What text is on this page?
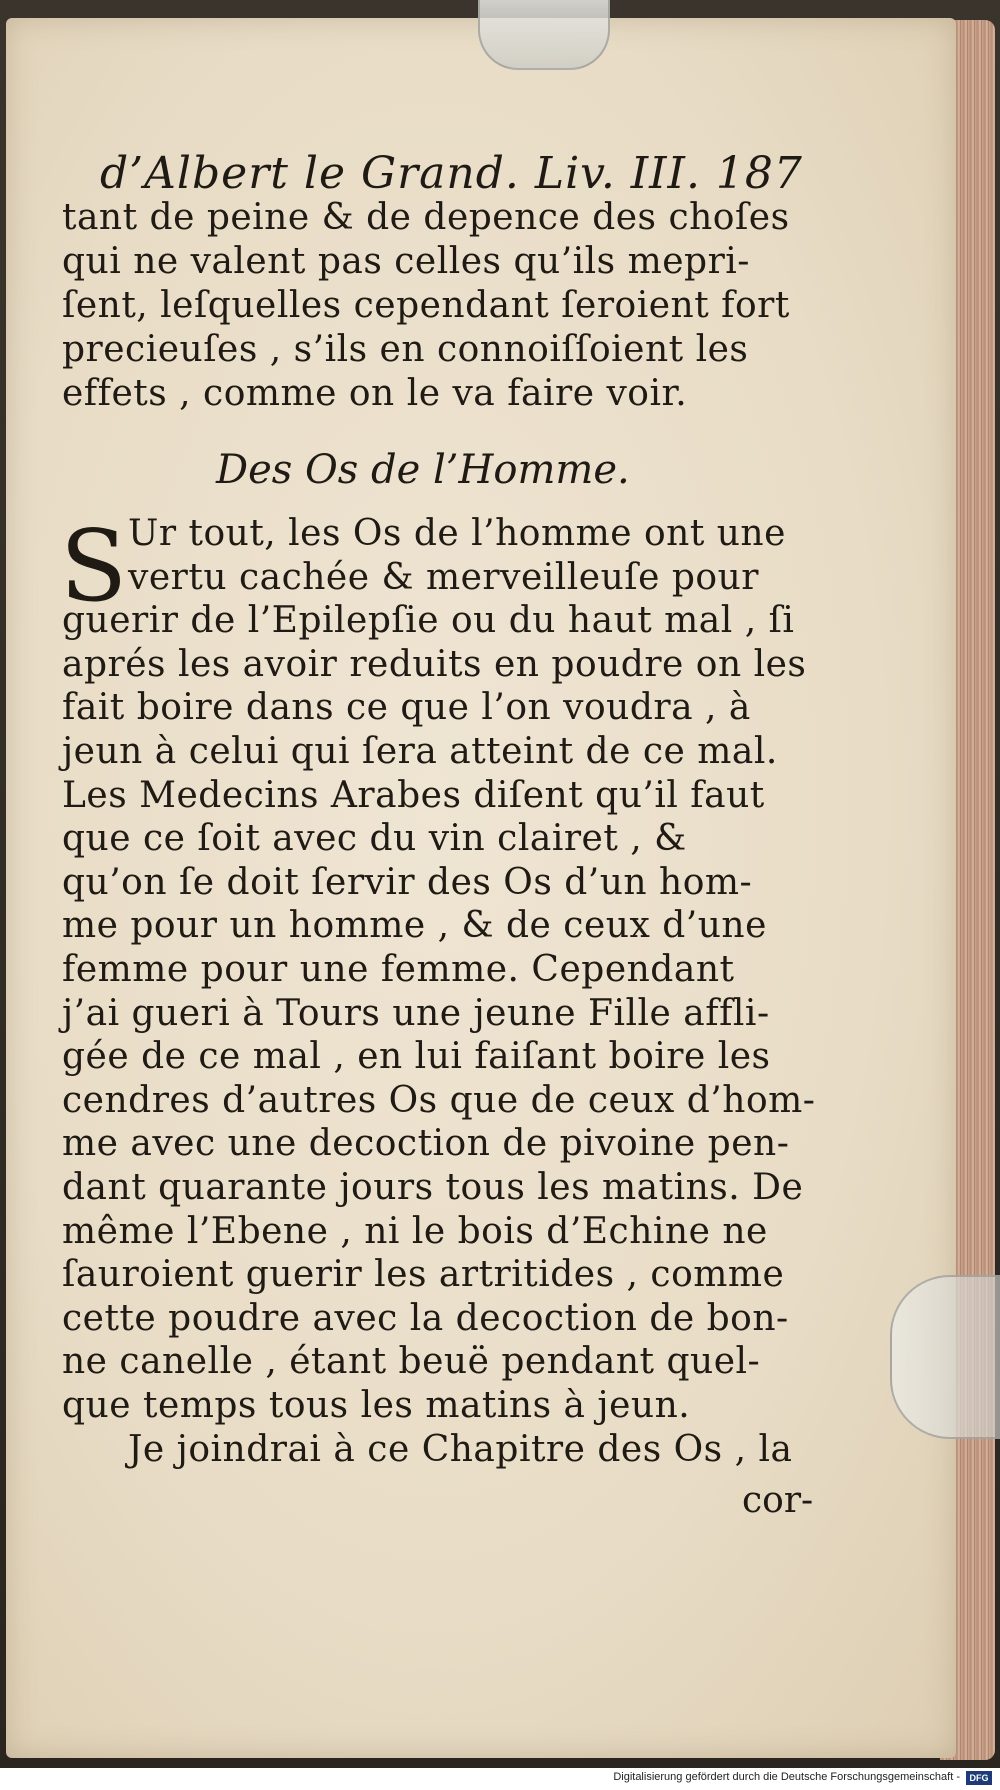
d’Albert le Grand. Liv. III. 187
tant de peine & de depence des choſes
qui ne valent pas celles qu’ils mepri-
ſent, leſquelles cependant ſeroient fort
precieuſes , s’ils en connoiſſoient les
effets , comme on le va faire voir.
Des Os de l’Homme.
S Ur tout, les Os de l’homme ont une
vertu cachée & merveilleuſe pour
guerir de l’Epilepſie ou du haut mal , ſi
aprés les avoir reduits en poudre on les
fait boire dans ce que l’on voudra , à
jeun à celui qui ſera atteint de ce mal.
Les Medecins Arabes diſent qu’il faut
que ce ſoit avec du vin clairet , &
qu’on ſe doit ſervir des Os d’un hom-
me pour un homme , & de ceux d’une
femme pour une femme. Cependant
j’ai gueri à Tours une jeune Fille affli-
gée de ce mal , en lui faiſant boire les
cendres d’autres Os que de ceux d’hom-
me avec une decoction de pivoine pen-
dant quarante jours tous les matins. De
même l’Ebene , ni le bois d’Echine ne
ſauroient guerir les artritides , comme
cette poudre avec la decoction de bon-
ne canelle , étant beuë pendant quel-
que temps tous les matins à jeun.
Je joindrai à ce Chapitre des Os , la
cor-
Digitalisierung gefördert durch die Deutsche Forschungsgemeinschaft -	DFG
